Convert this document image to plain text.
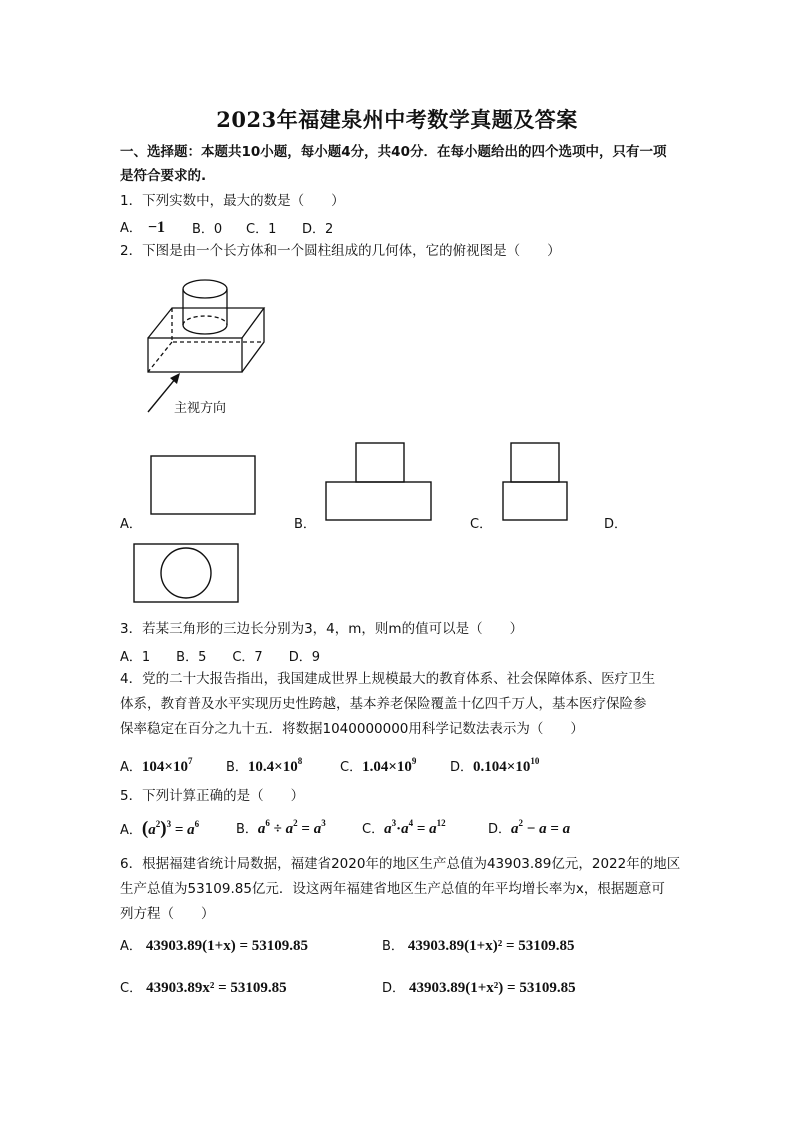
2023年福建泉州中考数学真题及答案
一、选择题：本题共10小题，每小题4分，共40分．在每小题给出的四个选项中，只有一项
是符合要求的.
1．下列实数中，最大的数是（　　）
A． −1 B．0 C．1 D．2
2．下图是由一个长方体和一个圆柱组成的几何体，它的俯视图是（　　）
主视方向
A．	B．	C．	D．
3．若某三角形的三边长分别为3，4，m，则m的值可以是（　　）
A．1　　B．5　　C．7　　D．9
4．党的二十大报告指出，我国建成世界上规模最大的教育体系、社会保障体系、医疗卫生
体系，教育普及水平实现历史性跨越，基本养老保险覆盖十亿四千万人，基本医疗保险参
保率稳定在百分之九十五．将数据1040000000用科学记数法表示为（　　）
A．$104\times 10^7$	B．$10.4\times 10^8$	C．$1.04\times 10^9$	D．$0.104\times 10^{10}$
5．下列计算正确的是（　　）
A．$(a^2)^3 = a^6$	B．$a^6 \div a^2 = a^3$	C．$a^3\cdot a^4 = a^{12}$	D．$a^2 - a = a$
6．根据福建省统计局数据，福建省2020年的地区生产总值为43903.89亿元，2022年的地区
生产总值为53109.85亿元．设这两年福建省地区生产总值的年平均增长率为x，根据题意可
列方程（　　）
A． 43903.89(1+x) = 53109.85	B． 43903.89(1+x)² = 53109.85
C． 43903.89x² = 53109.85	D． 43903.89(1+x²) = 53109.85
